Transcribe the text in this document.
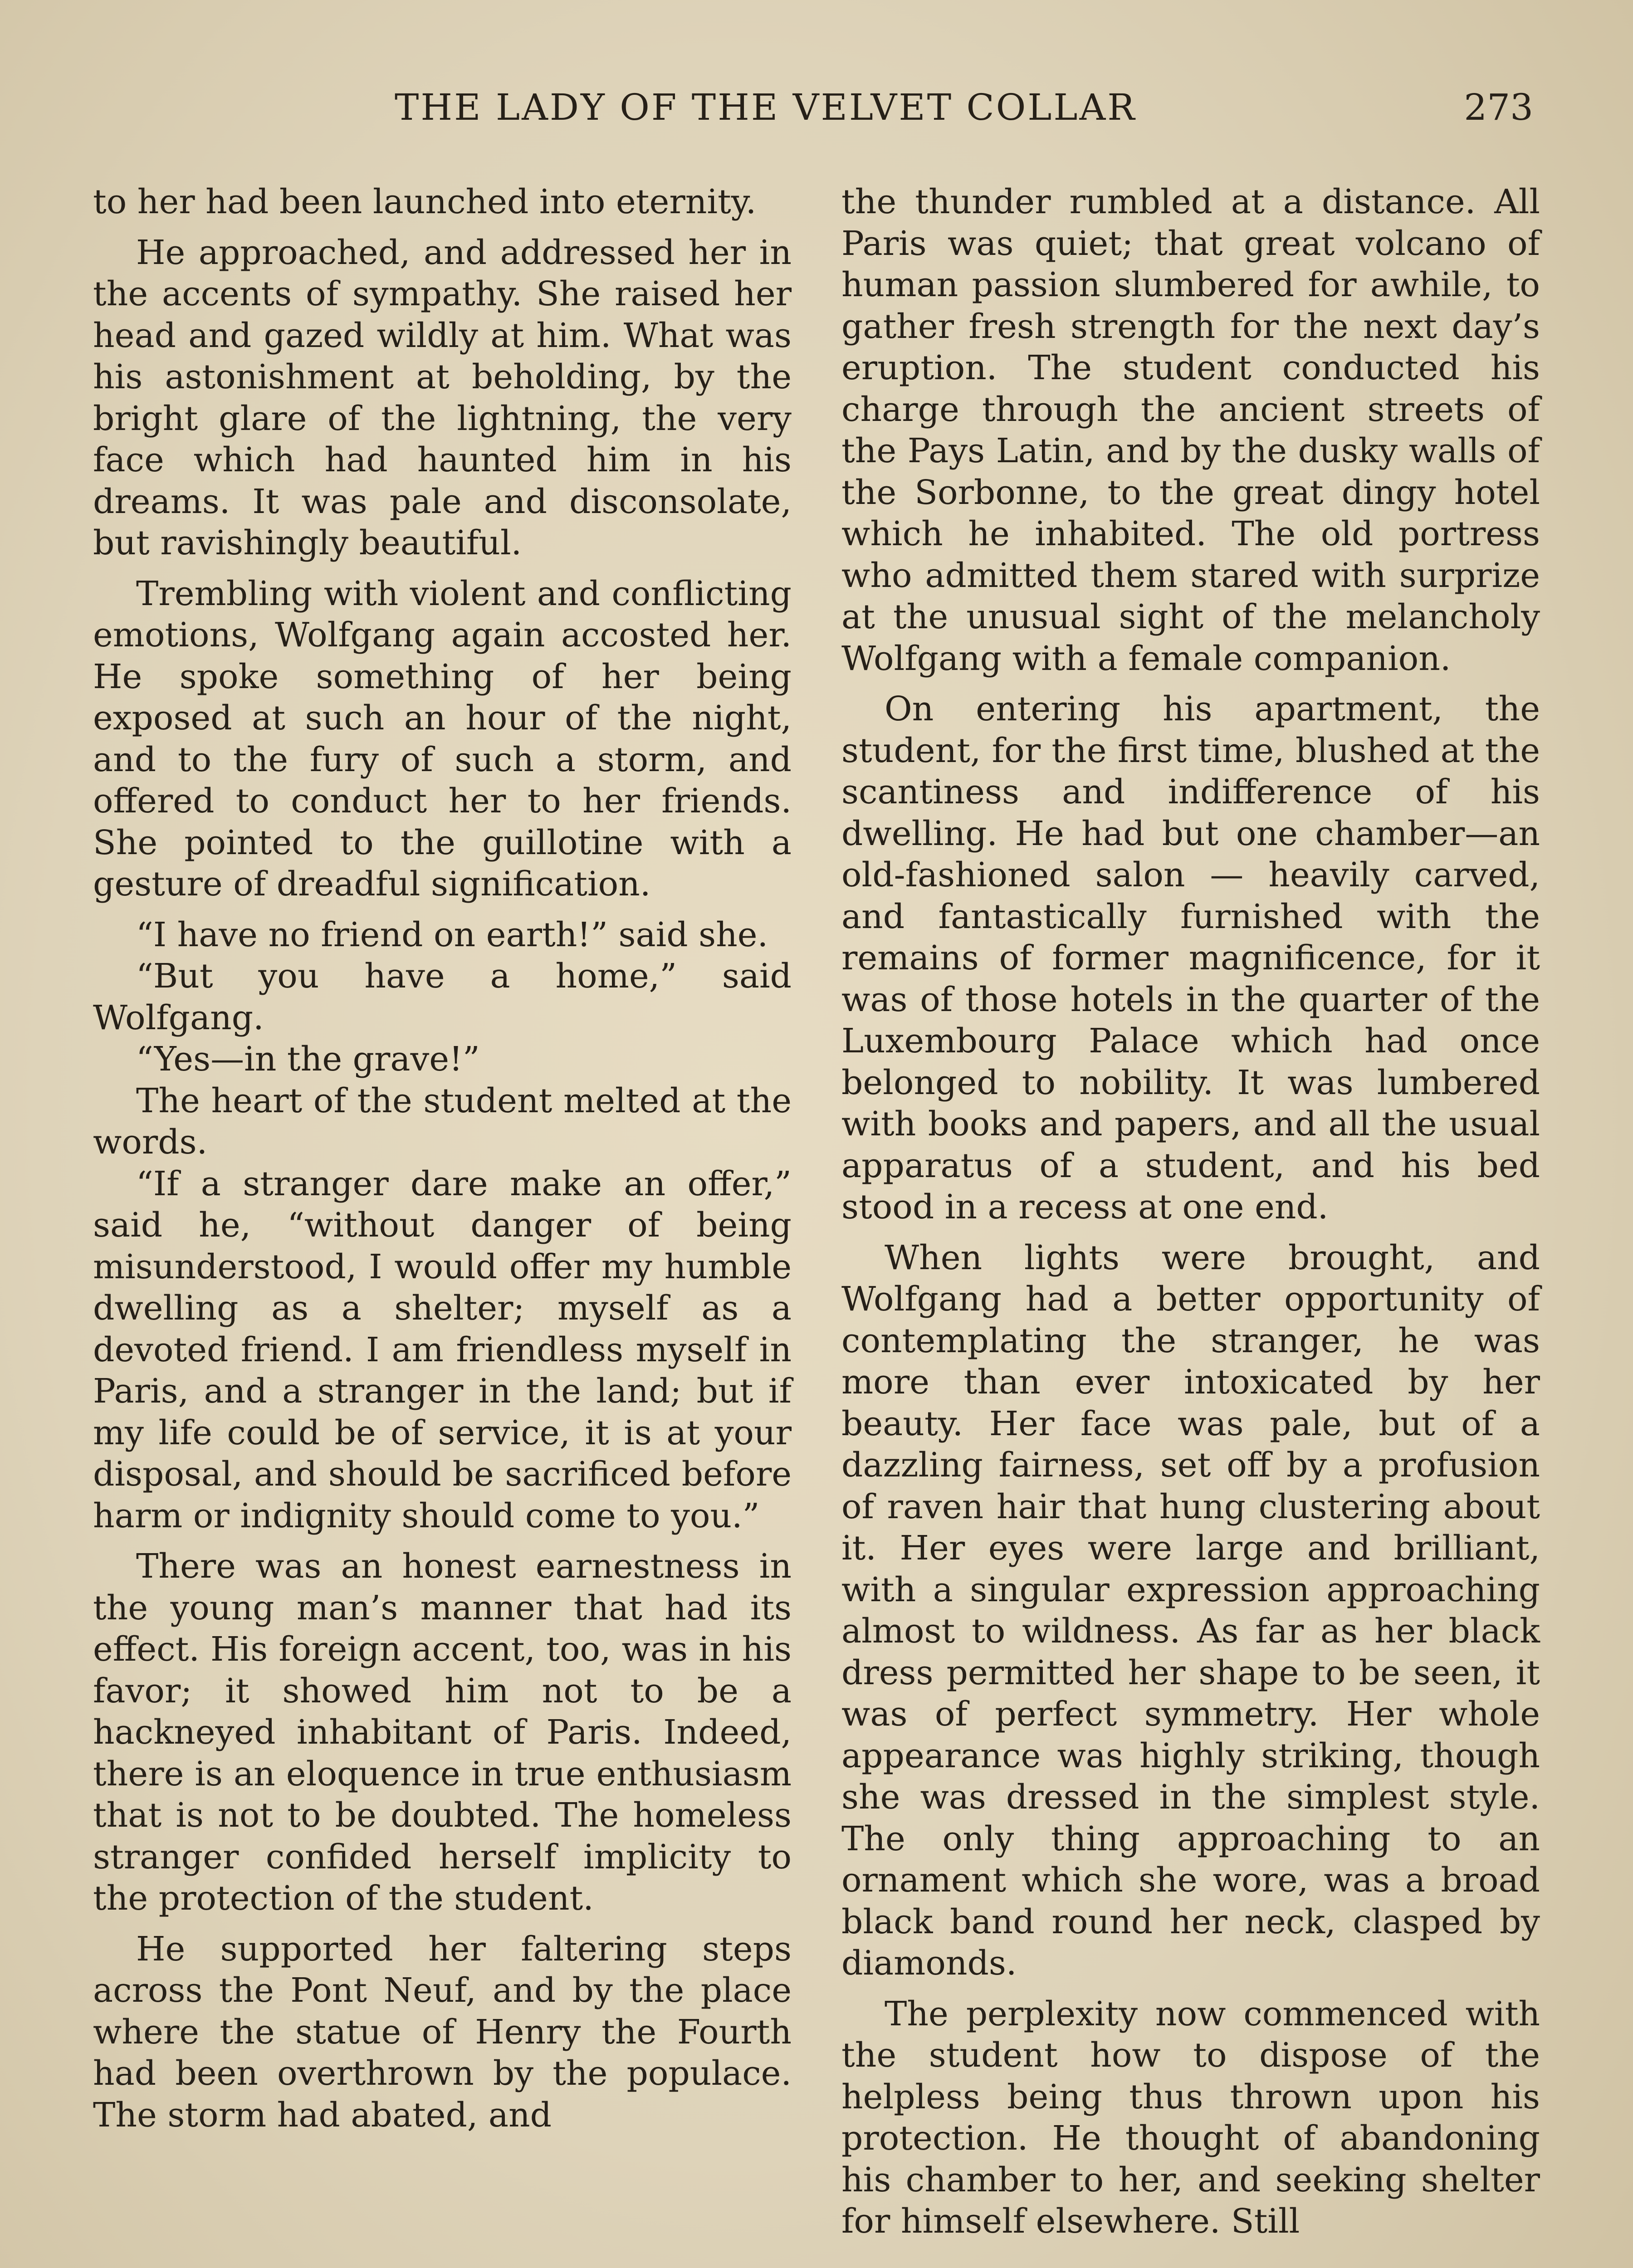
THE LADY OF THE VELVET COLLAR	273

to her had been launched into eternity.

He approached, and addressed her in the accents of sympathy. She raised her head and gazed wildly at him. What was his astonishment at beholding, by the bright glare of the lightning, the very face which had haunted him in his dreams. It was pale and disconsolate, but ravishingly beautiful.

Trembling with violent and conflicting emotions, Wolfgang again accosted her. He spoke something of her being exposed at such an hour of the night, and to the fury of such a storm, and offered to conduct her to her friends. She pointed to the guillotine with a gesture of dreadful signification.

“I have no friend on earth!” said she.

“But you have a home,” said Wolfgang.

“Yes—in the grave!”

The heart of the student melted at the words.

“If a stranger dare make an offer,” said he, “without danger of being misunderstood, I would offer my humble dwelling as a shelter; myself as a devoted friend. I am friendless myself in Paris, and a stranger in the land; but if my life could be of service, it is at your disposal, and should be sacrificed before harm or indignity should come to you.”

There was an honest earnestness in the young man’s manner that had its effect. His foreign accent, too, was in his favor; it showed him not to be a hackneyed inhabitant of Paris. Indeed, there is an eloquence in true enthusiasm that is not to be doubted. The homeless stranger confided herself implicity to the protection of the student.

He supported her faltering steps across the Pont Neuf, and by the place where the statue of Henry the Fourth had been overthrown by the populace. The storm had abated, and

the thunder rumbled at a distance. All Paris was quiet; that great volcano of human passion slumbered for awhile, to gather fresh strength for the next day’s eruption. The student conducted his charge through the ancient streets of the Pays Latin, and by the dusky walls of the Sorbonne, to the great dingy hotel which he inhabited. The old portress who admitted them stared with surprize at the unusual sight of the melancholy Wolfgang with a female companion.

On entering his apartment, the student, for the first time, blushed at the scantiness and indifference of his dwelling. He had but one chamber—an old-fashioned salon — heavily carved, and fantastically furnished with the remains of former magnificence, for it was of those hotels in the quarter of the Luxembourg Palace which had once belonged to nobility. It was lumbered with books and papers, and all the usual apparatus of a student, and his bed stood in a recess at one end.

When lights were brought, and Wolfgang had a better opportunity of contemplating the stranger, he was more than ever intoxicated by her beauty. Her face was pale, but of a dazzling fairness, set off by a profusion of raven hair that hung clustering about it. Her eyes were large and brilliant, with a singular expression approaching almost to wildness. As far as her black dress permitted her shape to be seen, it was of perfect symmetry. Her whole appearance was highly striking, though she was dressed in the simplest style. The only thing approaching to an ornament which she wore, was a broad black band round her neck, clasped by diamonds.

The perplexity now commenced with the student how to dispose of the helpless being thus thrown upon his protection. He thought of abandoning his chamber to her, and seeking shelter for himself elsewhere. Still
